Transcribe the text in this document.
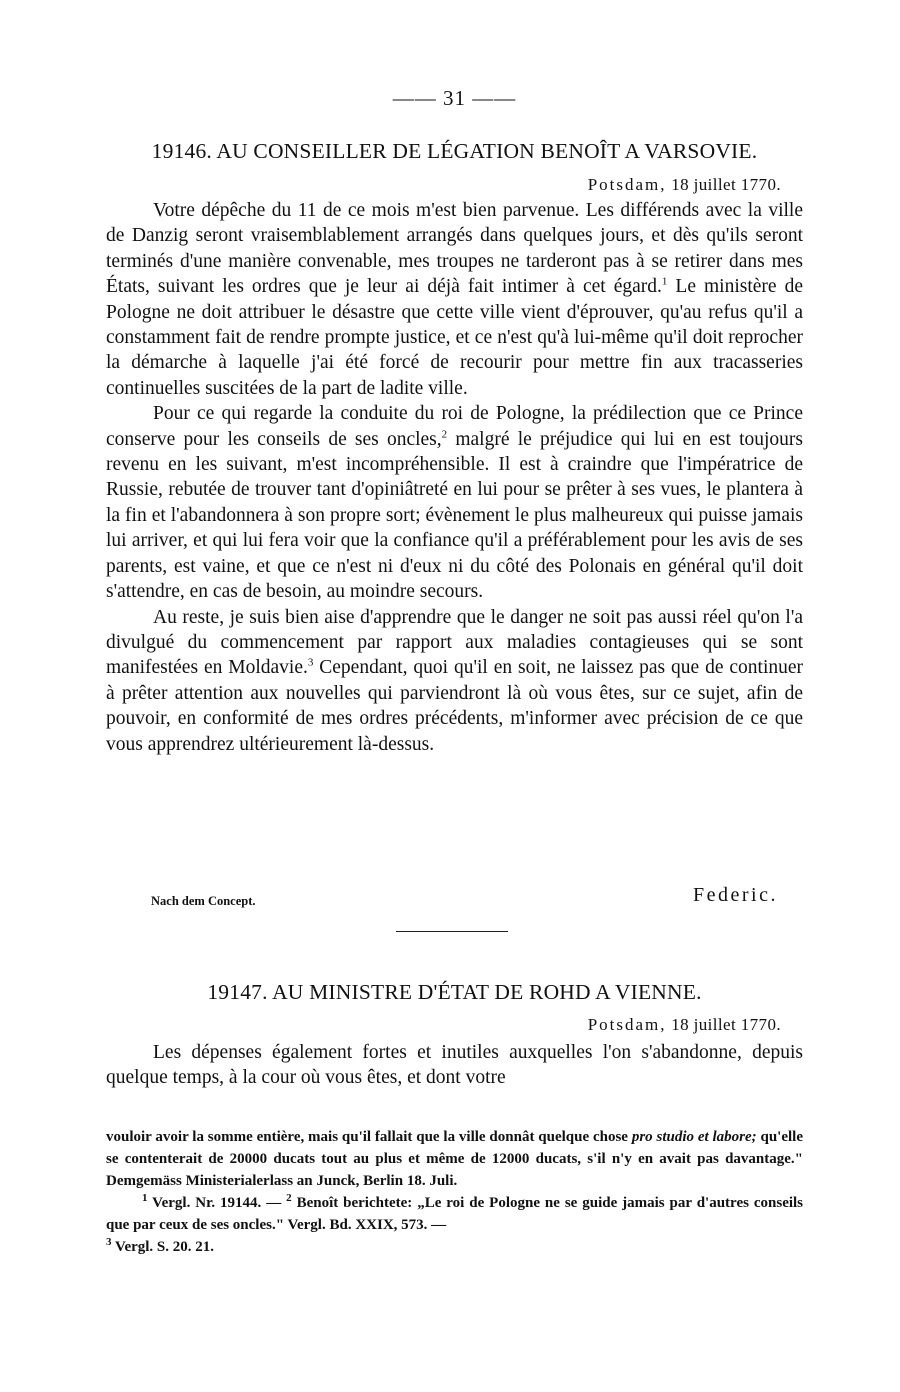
—— 31 ——
19146. AU CONSEILLER DE LÉGATION BENOÎT A VARSOVIE.
Potsdam, 18 juillet 1770.

Votre dépêche du 11 de ce mois m'est bien parvenue. Les différends avec la ville de Danzig seront vraisemblablement arrangés dans quelques jours, et dès qu'ils seront terminés d'une manière convenable, mes troupes ne tarderont pas à se retirer dans mes États, suivant les ordres que je leur ai déjà fait intimer à cet égard.$^1$ Le ministère de Pologne ne doit attribuer le désastre que cette ville vient d'éprouver, qu'au refus qu'il a constamment fait de rendre prompte justice, et ce n'est qu'à lui-même qu'il doit reprocher la démarche à laquelle j'ai été forcé de recourir pour mettre fin aux tracasseries continuelles suscitées de la part de ladite ville.

Pour ce qui regarde la conduite du roi de Pologne, la prédilection que ce Prince conserve pour les conseils de ses oncles,$^2$ malgré le préjudice qui lui en est toujours revenu en les suivant, m'est incompréhensible. Il est à craindre que l'impératrice de Russie, rebutée de trouver tant d'opiniâtreté en lui pour se prêter à ses vues, le plantera à la fin et l'abandonnera à son propre sort; évènement le plus malheureux qui puisse jamais lui arriver, et qui lui fera voir que la confiance qu'il a préférablement pour les avis de ses parents, est vaine, et que ce n'est ni d'eux ni du côté des Polonais en général qu'il doit s'attendre, en cas de besoin, au moindre secours.

Au reste, je suis bien aise d'apprendre que le danger ne soit pas aussi réel qu'on l'a divulgué du commencement par rapport aux maladies contagieuses qui se sont manifestées en Moldavie.$^3$ Cependant, quoi qu'il en soit, ne laissez pas que de continuer à prêter attention aux nouvelles qui parviendront là où vous êtes, sur ce sujet, afin de pouvoir, en conformité de mes ordres précédents, m'informer avec précision de ce que vous apprendrez ultérieurement là-dessus.

Nach dem Concept.	Federic.
19147. AU MINISTRE D'ÉTAT DE ROHD A VIENNE.
Potsdam, 18 juillet 1770.

Les dépenses également fortes et inutiles auxquelles l'on s'abandonne, depuis quelque temps, à la cour où vous êtes, et dont votre

vouloir avoir la somme entière, mais qu'il fallait que la ville donnât quelque chose pro studio et labore; qu'elle se contenterait de 20000 ducats tout au plus et même de 12000 ducats, s'il n'y en avait pas davantage." Demgemäss Ministerialerlass an Junck, Berlin 18. Juli.

$^1$ Vergl. Nr. 19144. — $^2$ Benoît berichtete: „Le roi de Pologne ne se guide jamais par d'autres conseils que par ceux de ses oncles." Vergl. Bd. XXIX, 573. —
$^3$ Vergl. S. 20. 21.
